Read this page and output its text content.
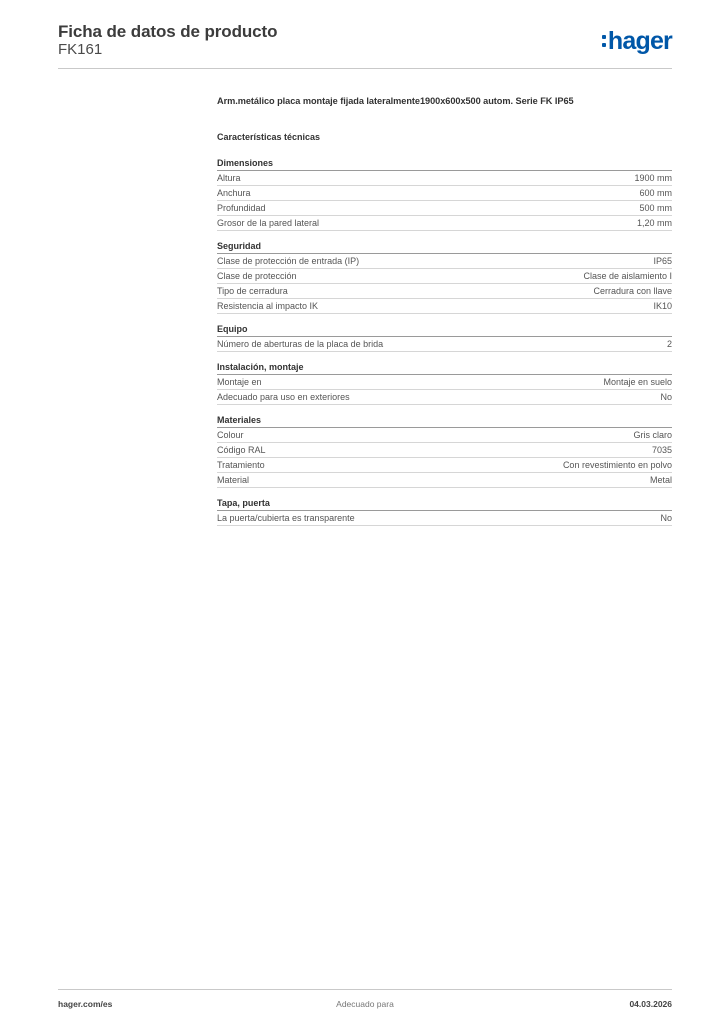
Ficha de datos de producto
FK161	hager
Arm.metálico placa montaje fijada lateralmente1900x600x500 autom. Serie FK IP65
Características técnicas
Dimensiones
Altura	1900 mm
Anchura	600 mm
Profundidad	500 mm
Grosor de la pared lateral	1,20 mm
Seguridad
Clase de protección de entrada (IP)	IP65
Clase de protección	Clase de aislamiento I
Tipo de cerradura	Cerradura con llave
Resistencia al impacto IK	IK10
Equipo
Número de aberturas de la placa de brida	2
Instalación, montaje
Montaje en	Montaje en suelo
Adecuado para uso en exteriores	No
Materiales
Colour	Gris claro
Código RAL	7035
Tratamiento	Con revestimiento en polvo
Material	Metal
Tapa, puerta
La puerta/cubierta es transparente	No
hager.com/es	Adecuado para	04.03.2026
